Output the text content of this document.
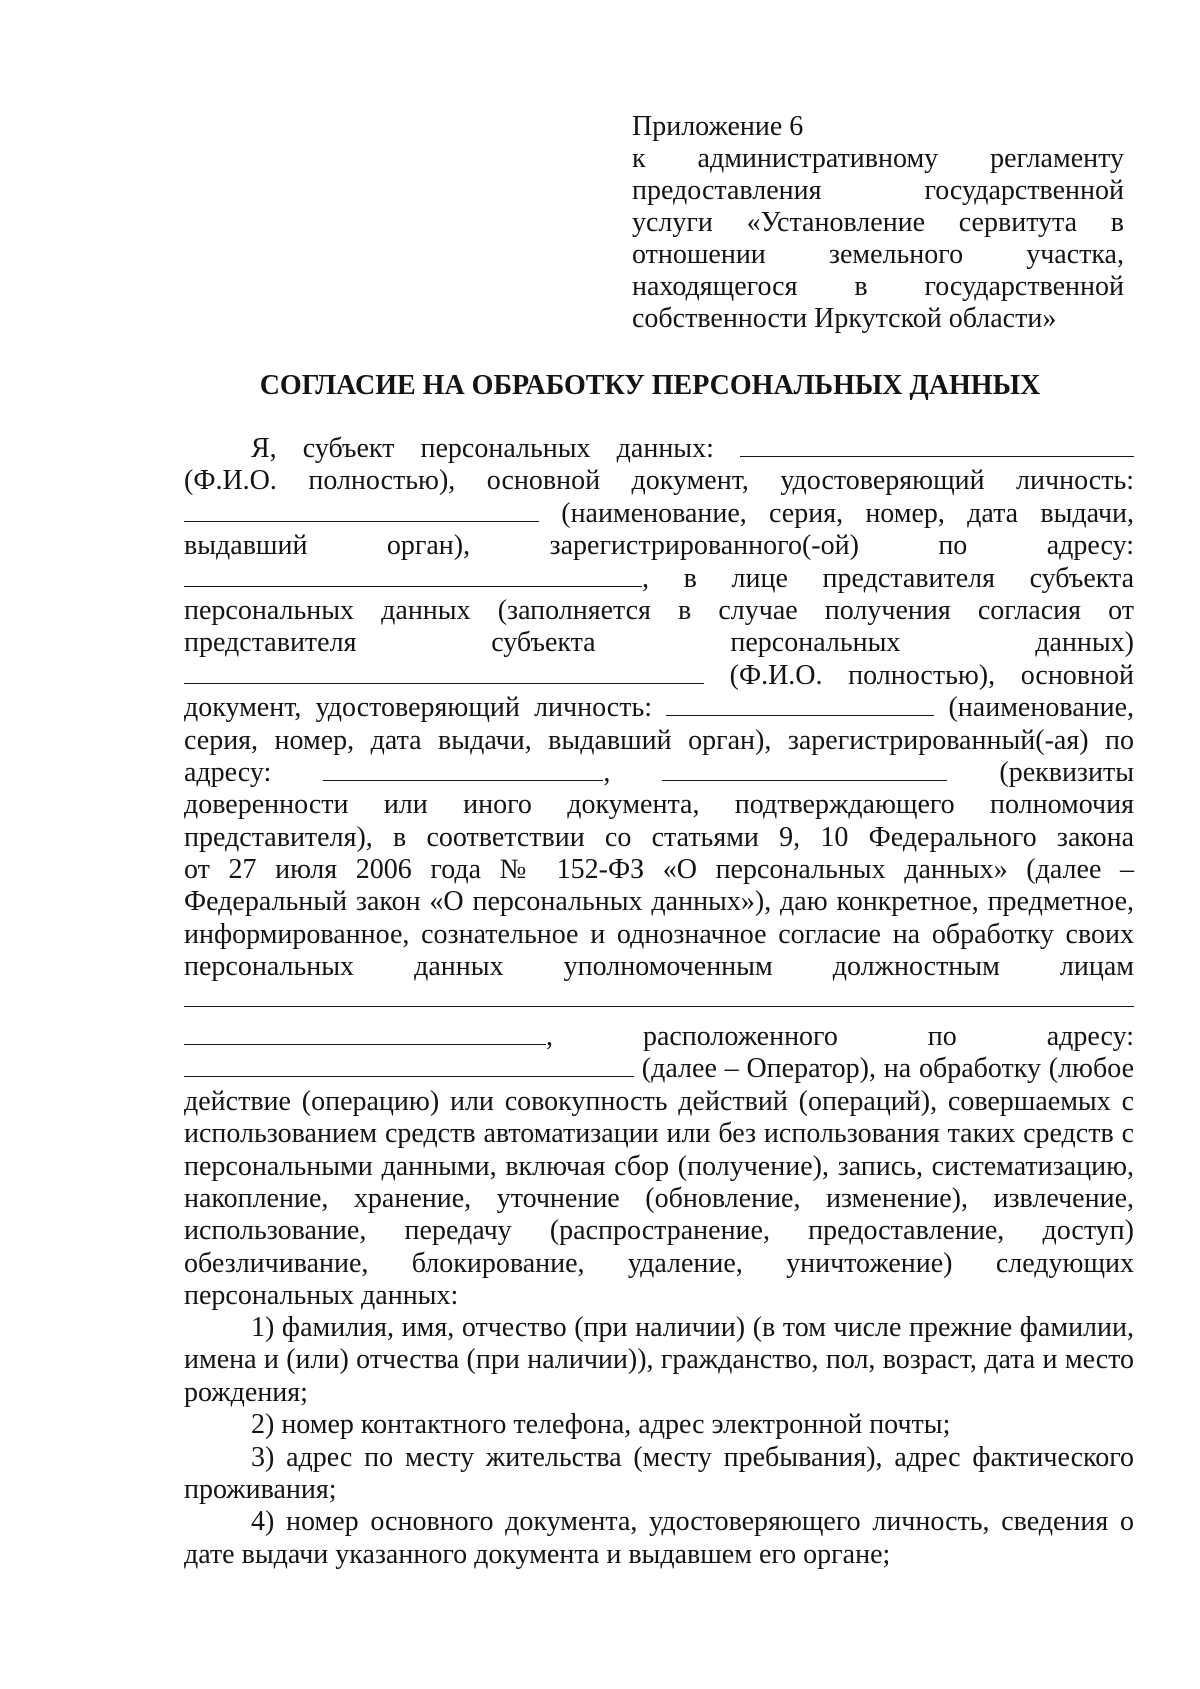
Приложение 6
к административному регламенту
предоставления государственной
услуги «Установление сервитута в
отношении земельного участка,
находящегося в государственной
собственности Иркутской области»
СОГЛАСИЕ НА ОБРАБОТКУ ПЕРСОНАЛЬНЫХ ДАННЫХ
Я, субъект персональных данных:
(Ф.И.О. полностью), основной документ, удостоверяющий личность:
(наименование, серия, номер, дата выдачи,
выдавший орган), зарегистрированного(-ой) по адресу:
, в лице представителя субъекта
персональных данных (заполняется в случае получения согласия от
представителя субъекта персональных данных)
(Ф.И.О. полностью), основной
документ, удостоверяющий личность:	(наименование,
серия, номер, дата выдачи, выдавший орган), зарегистрированный(-ая) по
адресу:	,	(реквизиты
доверенности или иного документа, подтверждающего полномочия
представителя), в соответствии со статьями 9, 10 Федерального закона
от 27 июля 2006 года № 152-ФЗ «О персональных данных» (далее –
Федеральный закон «О персональных данных»), даю конкретное, предметное,
информированное, сознательное и однозначное согласие на обработку своих
персональных данных уполномоченным должностным лицам
, расположенного по адресу:
(далее – Оператор), на обработку (любое
действие (операцию) или совокупность действий (операций), совершаемых с
использованием средств автоматизации или без использования таких средств с
персональными данными, включая сбор (получение), запись, систематизацию,
накопление, хранение, уточнение (обновление, изменение), извлечение,
использование, передачу (распространение, предоставление, доступ)
обезличивание, блокирование, удаление, уничтожение) следующих
персональных данных:
1) фамилия, имя, отчество (при наличии) (в том числе прежние фамилии,
имена и (или) отчества (при наличии)), гражданство, пол, возраст, дата и место
рождения;
2) номер контактного телефона, адрес электронной почты;
3) адрес по месту жительства (месту пребывания), адрес фактического
проживания;
4) номер основного документа, удостоверяющего личность, сведения о
дате выдачи указанного документа и выдавшем его органе;
